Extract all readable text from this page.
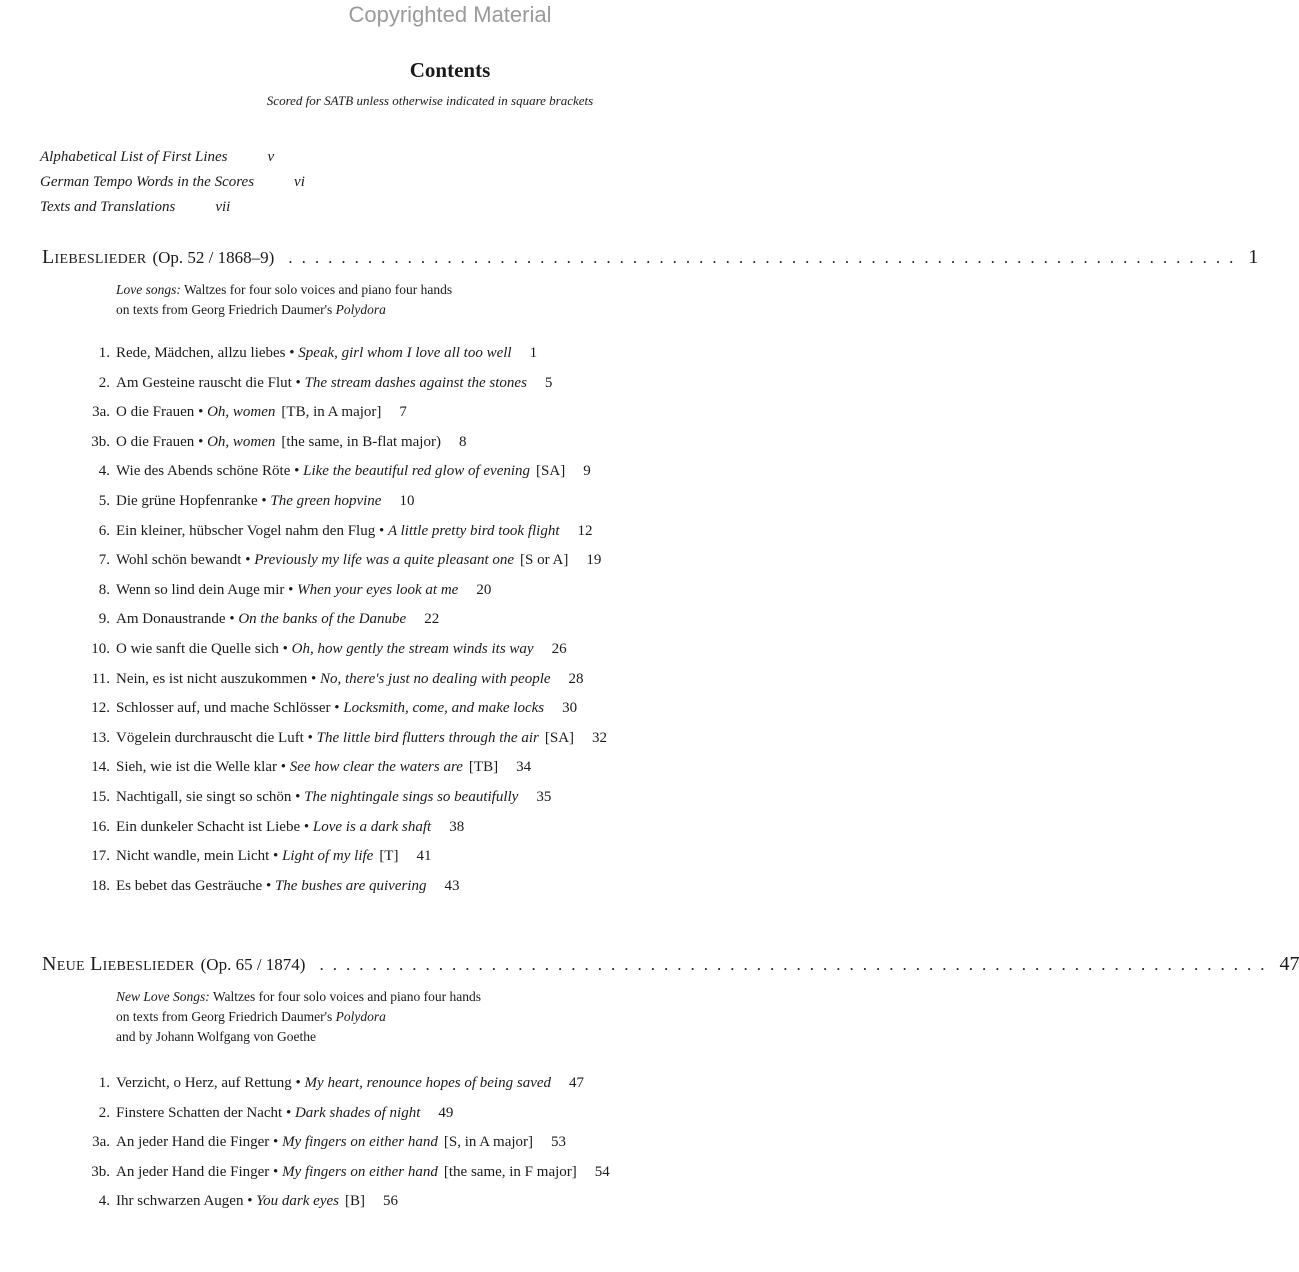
Copyrighted Material
Contents
Scored for SATB unless otherwise indicated in square brackets
Alphabetical List of First Lines	v
German Tempo Words in the Scores	vi
Texts and Translations	vii
Liebeslieder (Op. 52 / 1868–9) ........................................................................ 1
Love songs: Waltzes for four solo voices and piano four hands
on texts from Georg Friedrich Daumer's Polydora
1. Rede, Mädchen, allzu liebes • Speak, girl whom I love all too well 1
2. Am Gesteine rauscht die Flut • The stream dashes against the stones 5
3a. O die Frauen • Oh, women [TB, in A major] 7
3b. O die Frauen • Oh, women [the same, in B-flat major) 8
4. Wie des Abends schöne Röte • Like the beautiful red glow of evening [SA] 9
5. Die grüne Hopfenranke • The green hopvine 10
6. Ein kleiner, hübscher Vogel nahm den Flug • A little pretty bird took flight 12
7. Wohl schön bewandt • Previously my life was a quite pleasant one [S or A] 19
8. Wenn so lind dein Auge mir • When your eyes look at me 20
9. Am Donaustrande • On the banks of the Danube 22
10. O wie sanft die Quelle sich • Oh, how gently the stream winds its way 26
11. Nein, es ist nicht auszukommen • No, there's just no dealing with people 28
12. Schlosser auf, und mache Schlösser • Locksmith, come, and make locks 30
13. Vögelein durchrauscht die Luft • The little bird flutters through the air [SA] 32
14. Sieh, wie ist die Welle klar • See how clear the waters are [TB] 34
15. Nachtigall, sie singt so schön • The nightingale sings so beautifully 35
16. Ein dunkeler Schacht ist Liebe • Love is a dark shaft 38
17. Nicht wandle, mein Licht • Light of my life [T] 41
18. Es bebet das Gesträuche • The bushes are quivering 43
Neue Liebeslieder (Op. 65 / 1874) ........................................................................ 47
New Love Songs: Waltzes for four solo voices and piano four hands
on texts from Georg Friedrich Daumer's Polydora
and by Johann Wolfgang von Goethe
1. Verzicht, o Herz, auf Rettung • My heart, renounce hopes of being saved 47
2. Finstere Schatten der Nacht • Dark shades of night 49
3a. An jeder Hand die Finger • My fingers on either hand [S, in A major] 53
3b. An jeder Hand die Finger • My fingers on either hand [the same, in F major] 54
4. Ihr schwarzen Augen • You dark eyes [B] 56
